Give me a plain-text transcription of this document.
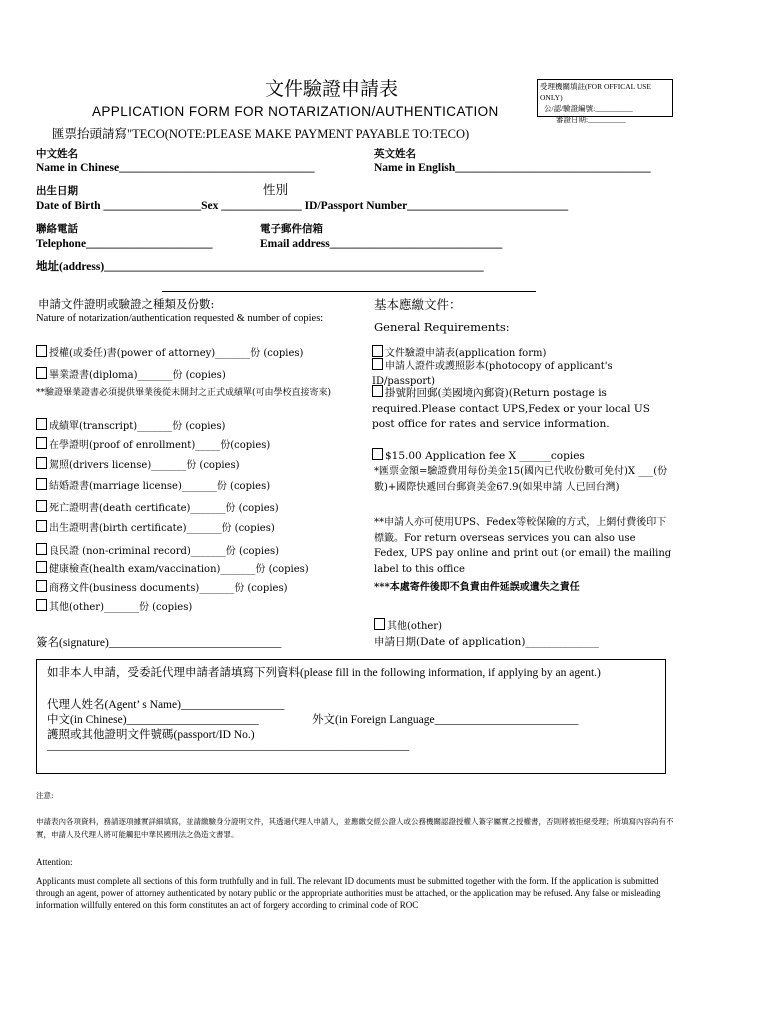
文件驗證申請表
APPLICATION FORM FOR NOTARIZATION/AUTHENTICATION
匯票抬頭請寫"TECO(NOTE:PLEASE MAKE PAYMENT PAYABLE TO:TECO)
受理機關填註(FOR OFFICAL USE ONLY)
公/認/驗證編號:__________
審證日期:__________
中文姓名	英文姓名
Name in Chinese__________________________________	Name in English__________________________________
出生日期	性別
Date of Birth _________________Sex ______________ ID/Passport Number____________________________
聯絡電話	電子郵件信箱
Telephone______________________	Email address______________________________
地址(address)__________________________________________________________________
申請文件證明或驗證之種類及份數:
Nature of notarization/authentication requested & number of copies:
授權(或委任)書(power of attorney)_______份 (copies)
畢業證書(diploma)_______份 (copies)
**驗證畢業證書必須提供畢業後從未開封之正式成績單(可由學校直接寄來)
成績單(transcript)_______份 (copies)
在學證明(proof of enrollment)_____份(copies)
駕照(drivers license)_______份 (copies)
結婚證書(marriage license)_______份 (copies)
死亡證明書(death certificate)_______份 (copies)
出生證明書(birth certificate)_______份 (copies)
良民證 (non-criminal record)_______份 (copies)
健康檢查(health exam/vaccination)_______份 (copies)
商務文件(business documents)_______份 (copies)
其他(other)_______份 (copies)
簽名(signature)______________________________
基本應繳文件：
General Requirements:
文件驗證申請表(application form)
申請人證件或護照影本(photocopy of applicant's ID/passport)
掛號附回郵(美國境內郵資)(Return postage is required.Please contact UPS,Fedex or your local US post office for rates and service information.
$15.00 Application fee X ______copies
*匯票金額=驗證費用每份美金15(國內已代收份數可免付)X ___(份數)+國際快遞回台郵資美金67.9(如果申請 人已回台灣)
**申請人亦可使用UPS、Fedex等較保險的方式，上網付費後印下標籤。For return overseas services you can also use Fedex, UPS pay online and print out (or email) the mailing label to this office
***本處寄件後即不負責由件延誤或遺失之責任
其他(other)
申請日期(Date of application)______________
如非本人申請，受委託代理申請者請填寫下列資料(please fill in the following information, if applying by an agent.)
代理人姓名(Agent’ s Name)__________________
中文(in Chinese)_______________________	外文(in Foreign Language_________________________
護照或其他證明文件號碼(passport/ID No.)
_______________________________________________________________
注意:
申請表內各項資料，務請逐項據實詳細填寫，並請繳驗身分證明文件，其透過代理人申請人，並應繳交經公證人或公務機關認證授權人簽字屬實之授權書，否則將被拒絕受理；所填寫內容尚有不實，申請人及代理人將可能觸犯中華民國刑法之偽造文書罪。
Attention:
Applicants must complete all sections of this form truthfully and in full. The relevant ID documents must be submitted together with the form. If the application is submitted through an agent, power of attorney authenticated by notary public or the appropriate authorities must be attached, or the application may be refused. Any false or misleading information willfully entered on this form constitutes an act of forgery according to criminal code of ROC
